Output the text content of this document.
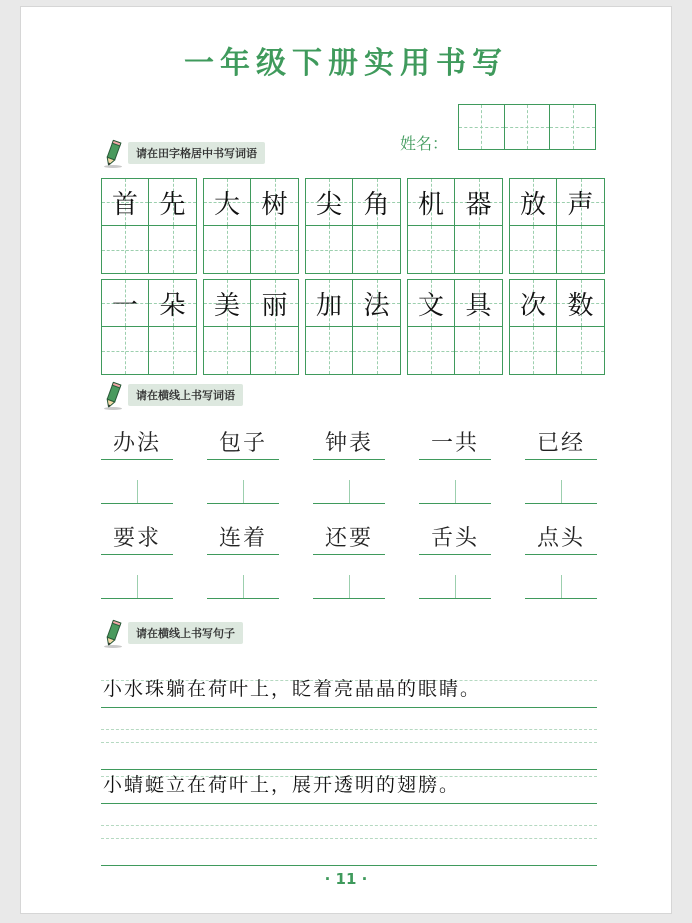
一年级下册实用书写
姓名：
请在田字格居中书写词语
首 先 大 树 尖 角 机 器 放 声
一 朵 美 丽 加 法 文 具 次 数
请在横线上书写词语
办法	包子	钟表	一共	已经
要求	连着	还要	舌头	点头
请在横线上书写句子
小水珠躺在荷叶上，眨着亮晶晶的眼睛。
小蜻蜓立在荷叶上，展开透明的翅膀。
· 11 ·
